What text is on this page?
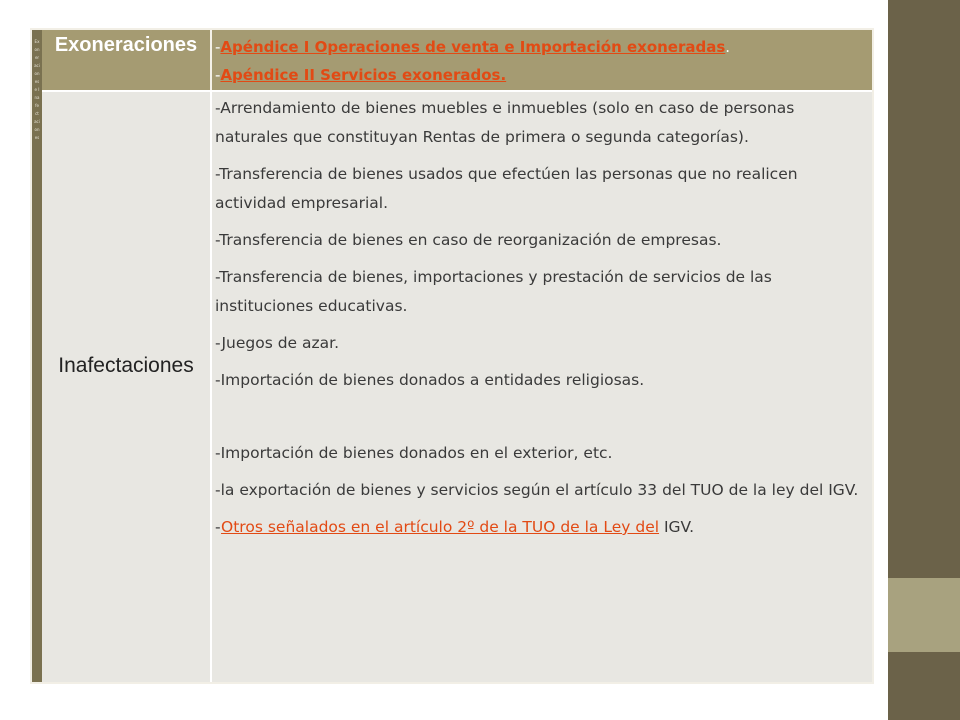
Exoneraciones e Inafectaciones
Exoneraciones	-Apéndice I Operaciones de venta e Importación exoneradas.
-Apéndice II Servicios exonerados.
Inafectaciones

-Arrendamiento de bienes muebles e inmuebles (solo en caso de personas naturales que constituyan Rentas de primera o segunda categorías).

-Transferencia de bienes usados que efectúen las personas que no realicen actividad empresarial.

-Transferencia de bienes en caso de reorganización de empresas.

-Transferencia de bienes, importaciones y prestación de servicios de las instituciones educativas.

-Juegos de azar.

-Importación de bienes donados a entidades religiosas.

-Importación de bienes donados en el exterior, etc.

-la exportación de bienes y servicios según el artículo 33 del TUO de la ley del IGV.

-Otros señalados en el artículo 2º de la TUO de la Ley del IGV.
